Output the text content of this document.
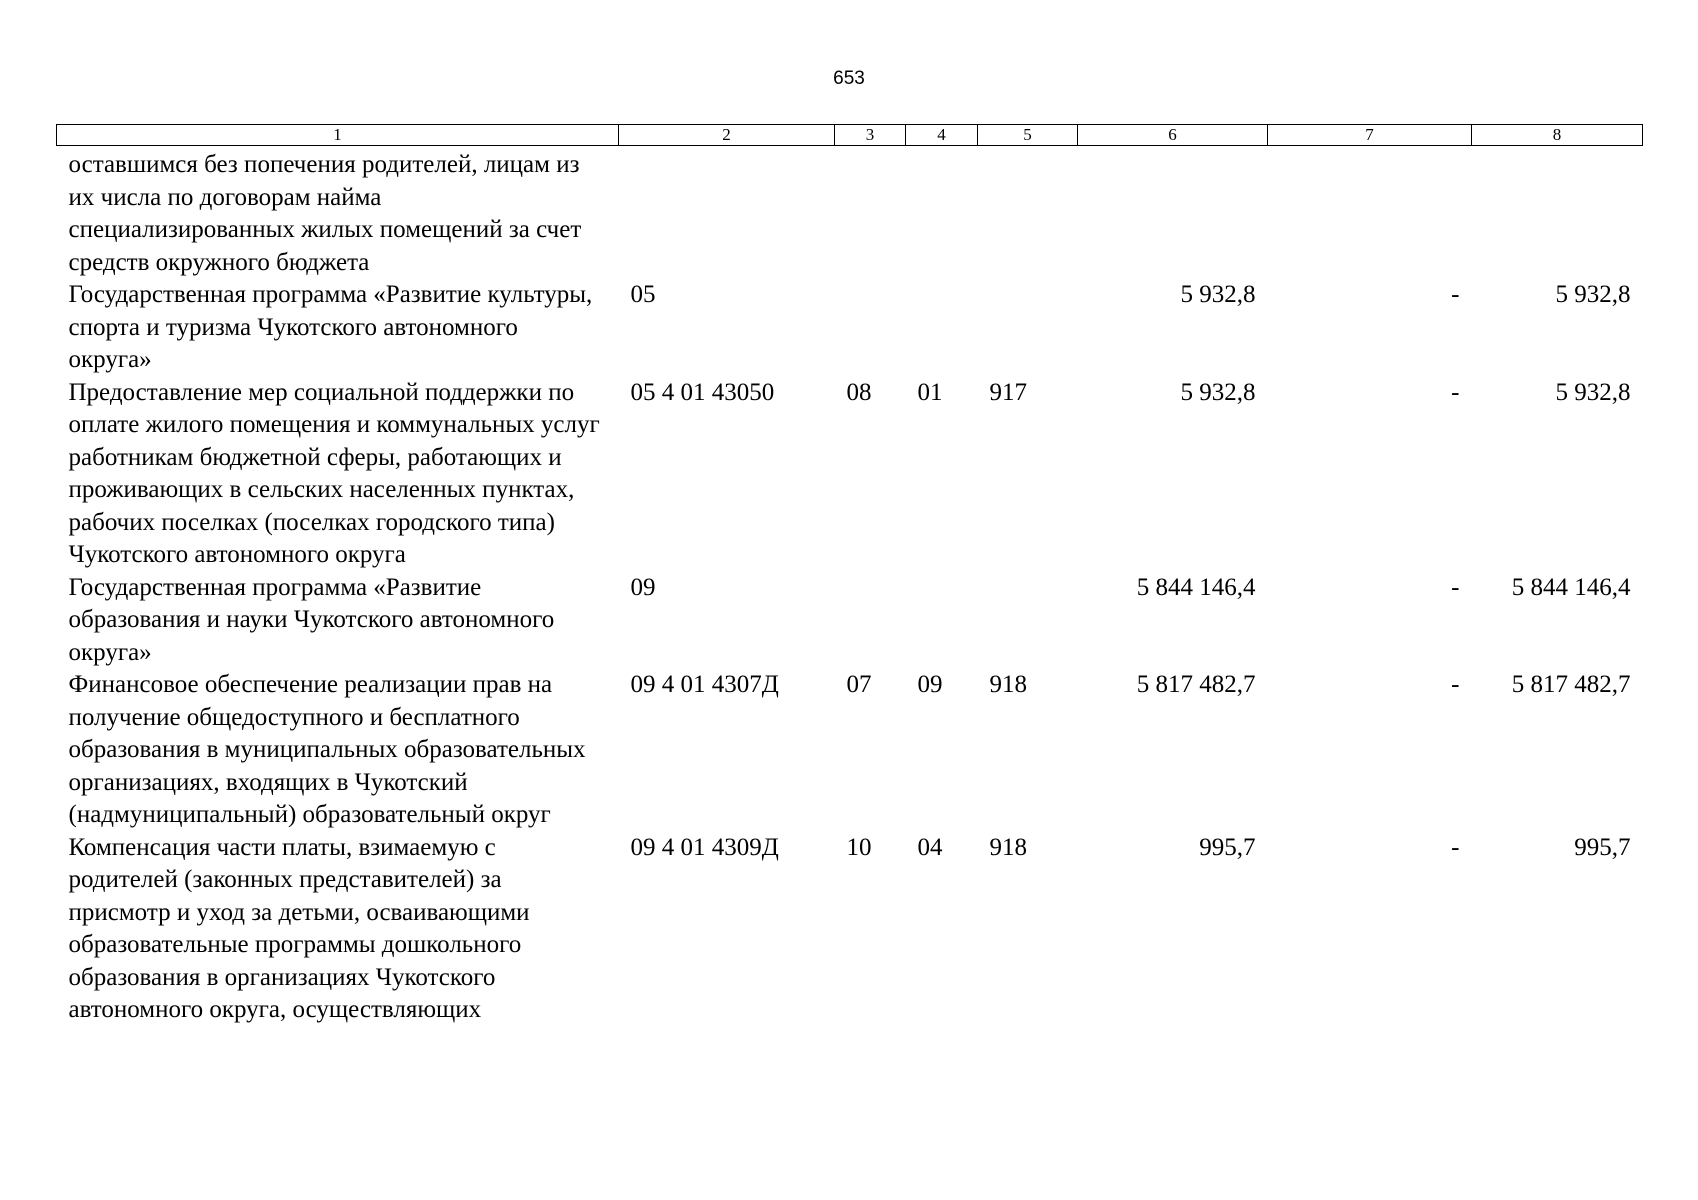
653
1	2	3	4	5	6	7	8
оставшимся без попечения родителей, лицам из их числа по договорам найма специализированных жилых помещений за счет средств окружного бюджета							
Государственная программа «Развитие культуры, спорта и туризма Чукотского автономного округа»	05				5 932,8	-	5 932,8
Предоставление мер социальной поддержки по оплате жилого помещения и коммунальных услуг работникам бюджетной сферы, работающих и проживающих в сельских населенных пунктах, рабочих поселках (поселках городского типа) Чукотского автономного округа	05 4 01 43050	08	01	917	5 932,8	-	5 932,8
Государственная программа «Развитие образования и науки Чукотского автономного округа»	09				5 844 146,4	-	5 844 146,4
Финансовое обеспечение реализации прав на получение общедоступного и бесплатного образования в муниципальных образовательных организациях, входящих в Чукотский (надмуниципальный) образовательный округ	09 4 01 4307Д	07	09	918	5 817 482,7	-	5 817 482,7
Компенсация части платы, взимаемую с родителей (законных представителей) за присмотр и уход за детьми, осваивающими образовательные программы дошкольного образования в организациях Чукотского автономного округа, осуществляющих	09 4 01 4309Д	10	04	918	995,7	-	995,7
